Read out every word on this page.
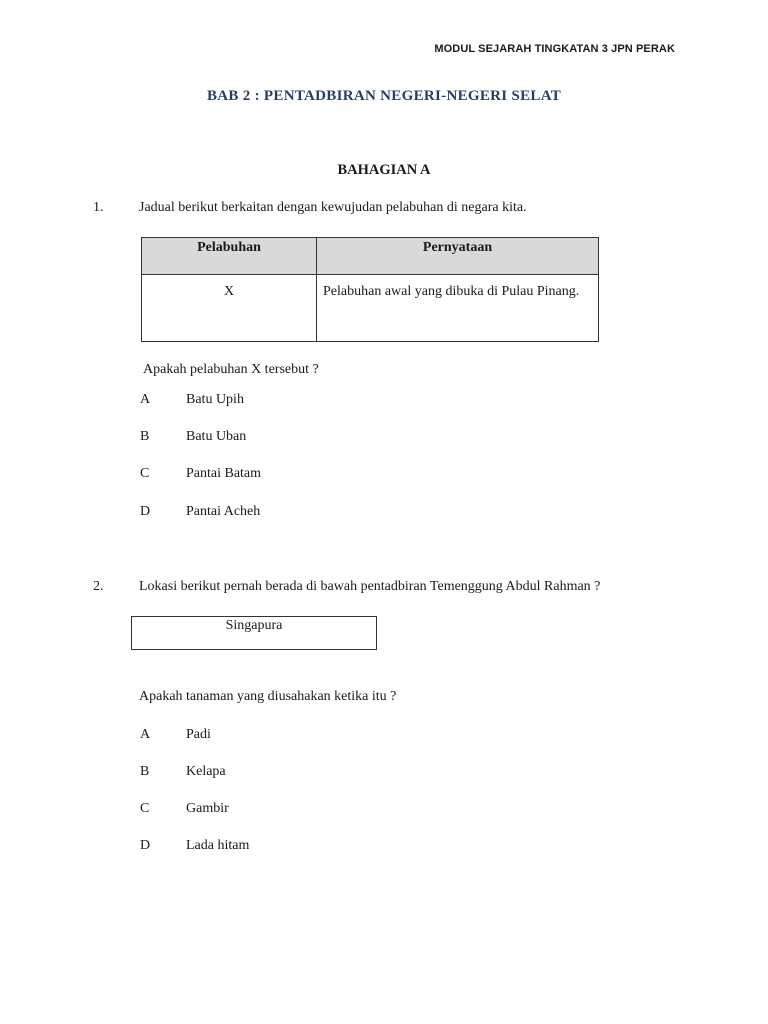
MODUL SEJARAH TINGKATAN 3 JPN PERAK
BAB 2 : PENTADBIRAN NEGERI-NEGERI SELAT
BAHAGIAN A
1.	Jadual berikut berkaitan dengan kewujudan pelabuhan di negara kita.
Pelabuhan	Pernyataan
X	Pelabuhan awal yang dibuka di Pulau Pinang.
Apakah pelabuhan X tersebut ?
A	Batu Upih
B	Batu Uban
C	Pantai Batam
D	Pantai Acheh
2.	Lokasi berikut pernah berada di bawah pentadbiran Temenggung Abdul Rahman ?
Singapura
Apakah tanaman yang diusahakan ketika itu ?
A	Padi
B	Kelapa
C	Gambir
D	Lada hitam
